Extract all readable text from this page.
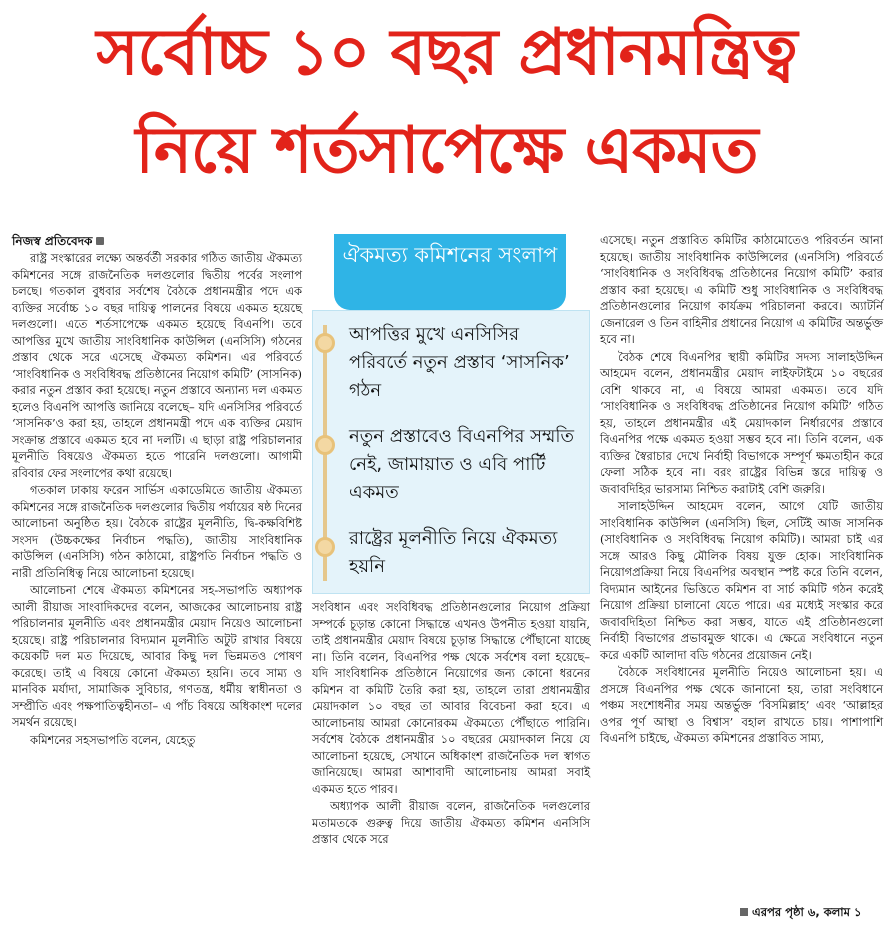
সর্বোচ্চ ১০ বছর প্রধানমন্ত্রিত্ব
নিয়ে শর্তসাপেক্ষে একমত
নিজস্ব প্রতিবেদক

রাষ্ট্র সংস্কারের লক্ষ্যে অন্তর্বর্তী সরকার গঠিত জাতীয় ঐকমত্য কমিশনের সঙ্গে রাজনৈতিক দলগুলোর দ্বিতীয় পর্বের সংলাপ চলছে। গতকাল বুধবার সর্বশেষ বৈঠকে প্রধানমন্ত্রীর পদে এক ব্যক্তির সর্বোচ্চ ১০ বছর দায়িত্ব পালনের বিষয়ে একমত হয়েছে দলগুলো। এতে শর্তসাপেক্ষে একমত হয়েছে বিএনপি। তবে আপত্তির মুখে জাতীয় সাংবিধানিক কাউন্সিল (এনসিসি) গঠনের প্রস্তাব থেকে সরে এসেছে ঐকমত্য কমিশন। এর পরিবর্তে ‘সাংবিধানিক ও সংবিধিবদ্ধ প্রতিষ্ঠানের নিয়োগ কমিটি’ (সাসনিক) করার নতুন প্রস্তাব করা হয়েছে। নতুন প্রস্তাবে অন্যান্য দল একমত হলেও বিএনপি আপত্তি জানিয়ে বলেছে– যদি এনসিসির পরিবর্তে ‘সাসনিক’ও করা হয়, তাহলে প্রধানমন্ত্রী পদে এক ব্যক্তির মেয়াদ সংক্রান্ত প্রস্তাবে একমত হবে না দলটি। এ ছাড়া রাষ্ট্র পরিচালনার মূলনীতি বিষয়েও ঐকমত্য হতে পারেনি দলগুলো। আগামী রবিবার ফের সংলাপের কথা রয়েছে।

গতকাল ঢাকায় ফরেন সার্ভিস একাডেমিতে জাতীয় ঐকমত্য কমিশনের সঙ্গে রাজনৈতিক দলগুলোর দ্বিতীয় পর্যায়ের ষষ্ঠ দিনের আলোচনা অনুষ্ঠিত হয়। বৈঠকে রাষ্ট্রের মূলনীতি, দ্বি-কক্ষবিশিষ্ট সংসদ (উচ্চকক্ষের নির্বাচন পদ্ধতি), জাতীয় সাংবিধানিক কাউন্সিল (এনসিসি) গঠন কাঠামো, রাষ্ট্রপতি নির্বাচন পদ্ধতি ও নারী প্রতিনিধিত্ব নিয়ে আলোচনা হয়েছে।

আলোচনা শেষে ঐকমত্য কমিশনের সহ-সভাপতি অধ্যাপক আলী রীয়াজ সাংবাদিকদের বলেন, আজকের আলোচনায় রাষ্ট্র পরিচালনার মূলনীতি এবং প্রধানমন্ত্রীর মেয়াদ নিয়েও আলোচনা হয়েছে। রাষ্ট্র পরিচালনার বিদ্যমান মূলনীতি অটুট রাখার বিষয়ে কয়েকটি দল মত দিয়েছে, আবার কিছু দল ভিন্নমতও পোষণ করেছে। তাই এ বিষয়ে কোনো ঐকমত্য হয়নি। তবে সাম্য ও মানবিক মর্যাদা, সামাজিক সুবিচার, গণতন্ত্র, ধর্মীয় স্বাধীনতা ও সম্প্রীতি এবং পক্ষপাতিত্বহীনতা– এ পাঁচ বিষয়ে অধিকাংশ দলের সমর্থন রয়েছে।

কমিশনের সহসভাপতি বলেন, যেহেতু

আপত্তির মুখে এনসিসির পরিবর্তে নতুন প্রস্তাব ‘সাসনিক’ গঠন
নতুন প্রস্তাবেও বিএনপির সম্মতি নেই, জামায়াত ও এবি পার্টি একমত
রাষ্ট্রের মূলনীতি নিয়ে ঐকমত্য হয়নি
ঐকমত্য কমিশনের সংলাপ

সংবিধান এবং সংবিধিবদ্ধ প্রতিষ্ঠানগুলোর নিয়োগ প্রক্রিয়া সম্পর্কে চূড়ান্ত কোনো সিদ্ধান্তে এখনও উপনীত হওয়া যায়নি, তাই প্রধানমন্ত্রীর মেয়াদ বিষয়ে চূড়ান্ত সিদ্ধান্তে পৌঁছানো যাচ্ছে না। তিনি বলেন, বিএনপির পক্ষ থেকে সর্বশেষ বলা হয়েছে– যদি সাংবিধানিক প্রতিষ্ঠানে নিয়োগের জন্য কোনো ধরনের কমিশন বা কমিটি তৈরি করা হয়, তাহলে তারা প্রধানমন্ত্রীর মেয়াদকাল ১০ বছর তা আবার বিবেচনা করা হবে। এ আলোচনায় আমরা কোনোরকম ঐকমত্যে পৌঁছাতে পারিনি। সর্বশেষ বৈঠকে প্রধানমন্ত্রীর ১০ বছরের মেয়াদকাল নিয়ে যে আলোচনা হয়েছে, সেখানে অধিকাংশ রাজনৈতিক দল স্বাগত জানিয়েছে। আমরা আশাবাদী আলোচনায় আমরা সবাই একমত হতে পারব।

অধ্যাপক আলী রীয়াজ বলেন, রাজনৈতিক দলগুলোর মতামতকে গুরুত্ব দিয়ে জাতীয় ঐকমত্য কমিশন এনসিসি প্রস্তাব থেকে সরে

এসেছে। নতুন প্রস্তাবিত কমিটির কাঠামোতেও পরিবর্তন আনা হয়েছে। জাতীয় সাংবিধানিক কাউন্সিলের (এনসিসি) পরিবর্তে ‘সাংবিধানিক ও সংবিধিবদ্ধ প্রতিষ্ঠানের নিয়োগ কমিটি’ করার প্রস্তাব করা হয়েছে। এ কমিটি শুধু সাংবিধানিক ও সংবিধিবদ্ধ প্রতিষ্ঠানগুলোর নিয়োগ কার্যক্রম পরিচালনা করবে। অ্যাটর্নি জেনারেল ও তিন বাহিনীর প্রধানের নিয়োগ এ কমিটির অন্তর্ভুক্ত হবে না।

বৈঠক শেষে বিএনপির স্থায়ী কমিটির সদস্য সালাহউদ্দিন আহমেদ বলেন, প্রধানমন্ত্রীর মেয়াদ লাইফটাইমে ১০ বছরের বেশি থাকবে না, এ বিষয়ে আমরা একমত। তবে যদি ‘সাংবিধানিক ও সংবিধিবদ্ধ প্রতিষ্ঠানের নিয়োগ কমিটি’ গঠিত হয়, তাহলে প্রধানমন্ত্রীর এই মেয়াদকাল নির্ধারণের প্রস্তাবে বিএনপির পক্ষে একমত হওয়া সম্ভব হবে না। তিনি বলেন, এক ব্যক্তির স্বৈরাচার দেখে নির্বাহী বিভাগকে সম্পূর্ণ ক্ষমতাহীন করে ফেলা সঠিক হবে না। বরং রাষ্ট্রের বিভিন্ন স্তরে দায়িত্ব ও জবাবদিহির ভারসাম্য নিশ্চিত করাটাই বেশি জরুরি।

সালাহউদ্দিন আহমেদ বলেন, আগে যেটি জাতীয় সাংবিধানিক কাউন্সিল (এনসিসি) ছিল, সেটিই আজ সাসনিক (সাংবিধানিক ও সংবিধিবদ্ধ নিয়োগ কমিটি)। আমরা চাই এর সঙ্গে আরও কিছু মৌলিক বিষয় যুক্ত হোক। সাংবিধানিক নিয়োগপ্রক্রিয়া নিয়ে বিএনপির অবস্থান স্পষ্ট করে তিনি বলেন, বিদ্যমান আইনের ভিত্তিতে কমিশন বা সার্চ কমিটি গঠন করেই নিয়োগ প্রক্রিয়া চালানো যেতে পারে। এর মধ্যেই সংস্কার করে জবাবদিহিতা নিশ্চিত করা সম্ভব, যাতে এই প্রতিষ্ঠানগুলো নির্বাহী বিভাগের প্রভাবমুক্ত থাকে। এ ক্ষেত্রে সংবিধানে নতুন করে একটি আলাদা বডি গঠনের প্রয়োজন নেই।

বৈঠকে সংবিধানের মূলনীতি নিয়েও আলোচনা হয়। এ প্রসঙ্গে বিএনপির পক্ষ থেকে জানানো হয়, তারা সংবিধানে পঞ্চম সংশোধনীর সময় অন্তর্ভুক্ত ‘বিসমিল্লাহ’ এবং ‘আল্লাহর ওপর পূর্ণ আস্থা ও বিশ্বাস’ বহাল রাখতে চায়। পাশাপাশি বিএনপি চাইছে, ঐকমত্য কমিশনের প্রস্তাবিত সাম্য,

এরপর পৃষ্ঠা ৬, কলাম ১
